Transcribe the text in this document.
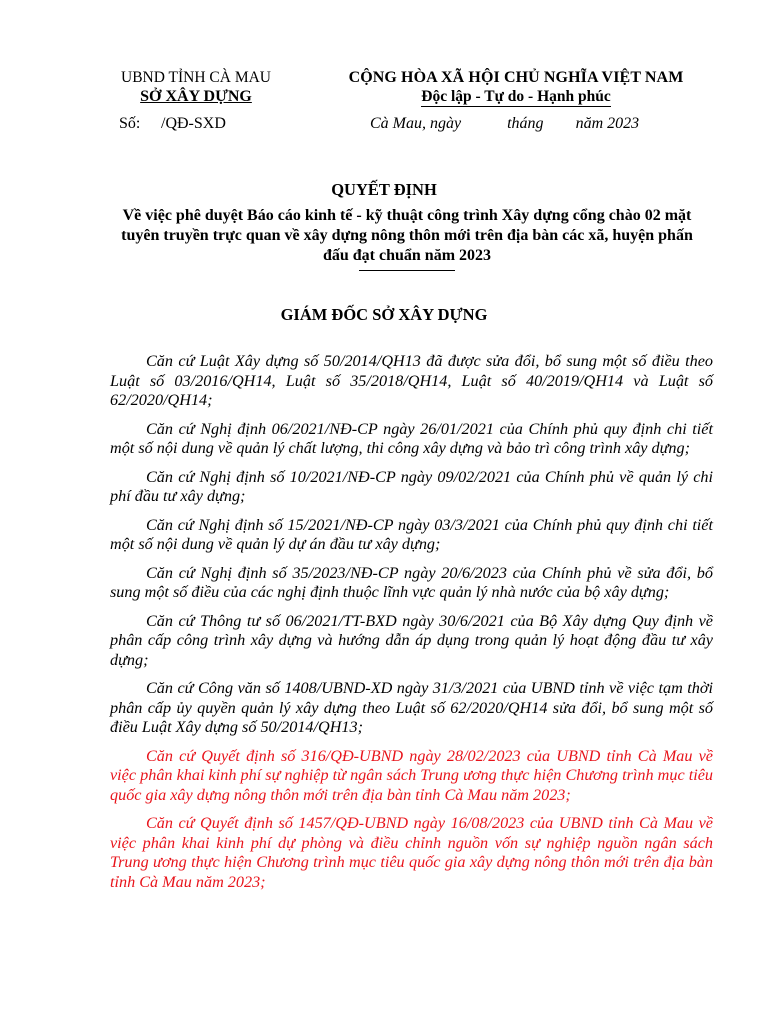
UBND TỈNH CÀ MAU
SỞ XÂY DỰNG
CỘNG HÒA XÃ HỘI CHỦ NGHĨA VIỆT NAM
Độc lập - Tự do - Hạnh phúc
Số: /QĐ-SXD	Cà Mau, ngày	tháng năm 2023
QUYẾT ĐỊNH
Về việc phê duyệt Báo cáo kinh tế - kỹ thuật công trình Xây dựng cổng chào 02 mặt tuyên truyền trực quan về xây dựng nông thôn mới trên địa bàn các xã, huyện phấn đấu đạt chuẩn năm 2023
GIÁM ĐỐC SỞ XÂY DỰNG

Căn cứ Luật Xây dựng số 50/2014/QH13 đã được sửa đổi, bổ sung một số điều theo Luật số 03/2016/QH14, Luật số 35/2018/QH14, Luật số 40/2019/QH14 và Luật số 62/2020/QH14;

Căn cứ Nghị định 06/2021/NĐ-CP ngày 26/01/2021 của Chính phủ quy định chi tiết một số nội dung về quản lý chất lượng, thi công xây dựng và bảo trì công trình xây dựng;

Căn cứ Nghị định số 10/2021/NĐ-CP ngày 09/02/2021 của Chính phủ về quản lý chi phí đầu tư xây dựng;

Căn cứ Nghị định số 15/2021/NĐ-CP ngày 03/3/2021 của Chính phủ quy định chi tiết một số nội dung về quản lý dự án đầu tư xây dựng;

Căn cứ Nghị định số 35/2023/NĐ-CP ngày 20/6/2023 của Chính phủ về sửa đổi, bổ sung một số điều của các nghị định thuộc lĩnh vực quản lý nhà nước của bộ xây dựng;

Căn cứ Thông tư số 06/2021/TT-BXD ngày 30/6/2021 của Bộ Xây dựng Quy định về phân cấp công trình xây dựng và hướng dẫn áp dụng trong quản lý hoạt động đầu tư xây dựng;

Căn cứ Công văn số 1408/UBND-XD ngày 31/3/2021 của UBND tỉnh về việc tạm thời phân cấp ủy quyền quản lý xây dựng theo Luật số 62/2020/QH14 sửa đổi, bổ sung một số điều Luật Xây dựng số 50/2014/QH13;

Căn cứ Quyết định số 316/QĐ-UBND ngày 28/02/2023 của UBND tỉnh Cà Mau về việc phân khai kinh phí sự nghiệp từ ngân sách Trung ương thực hiện Chương trình mục tiêu quốc gia xây dựng nông thôn mới trên địa bàn tỉnh Cà Mau năm 2023;

Căn cứ Quyết định số 1457/QĐ-UBND ngày 16/08/2023 của UBND tỉnh Cà Mau về việc phân khai kinh phí dự phòng và điều chỉnh nguồn vốn sự nghiệp nguồn ngân sách Trung ương thực hiện Chương trình mục tiêu quốc gia xây dựng nông thôn mới trên địa bàn tỉnh Cà Mau năm 2023;
